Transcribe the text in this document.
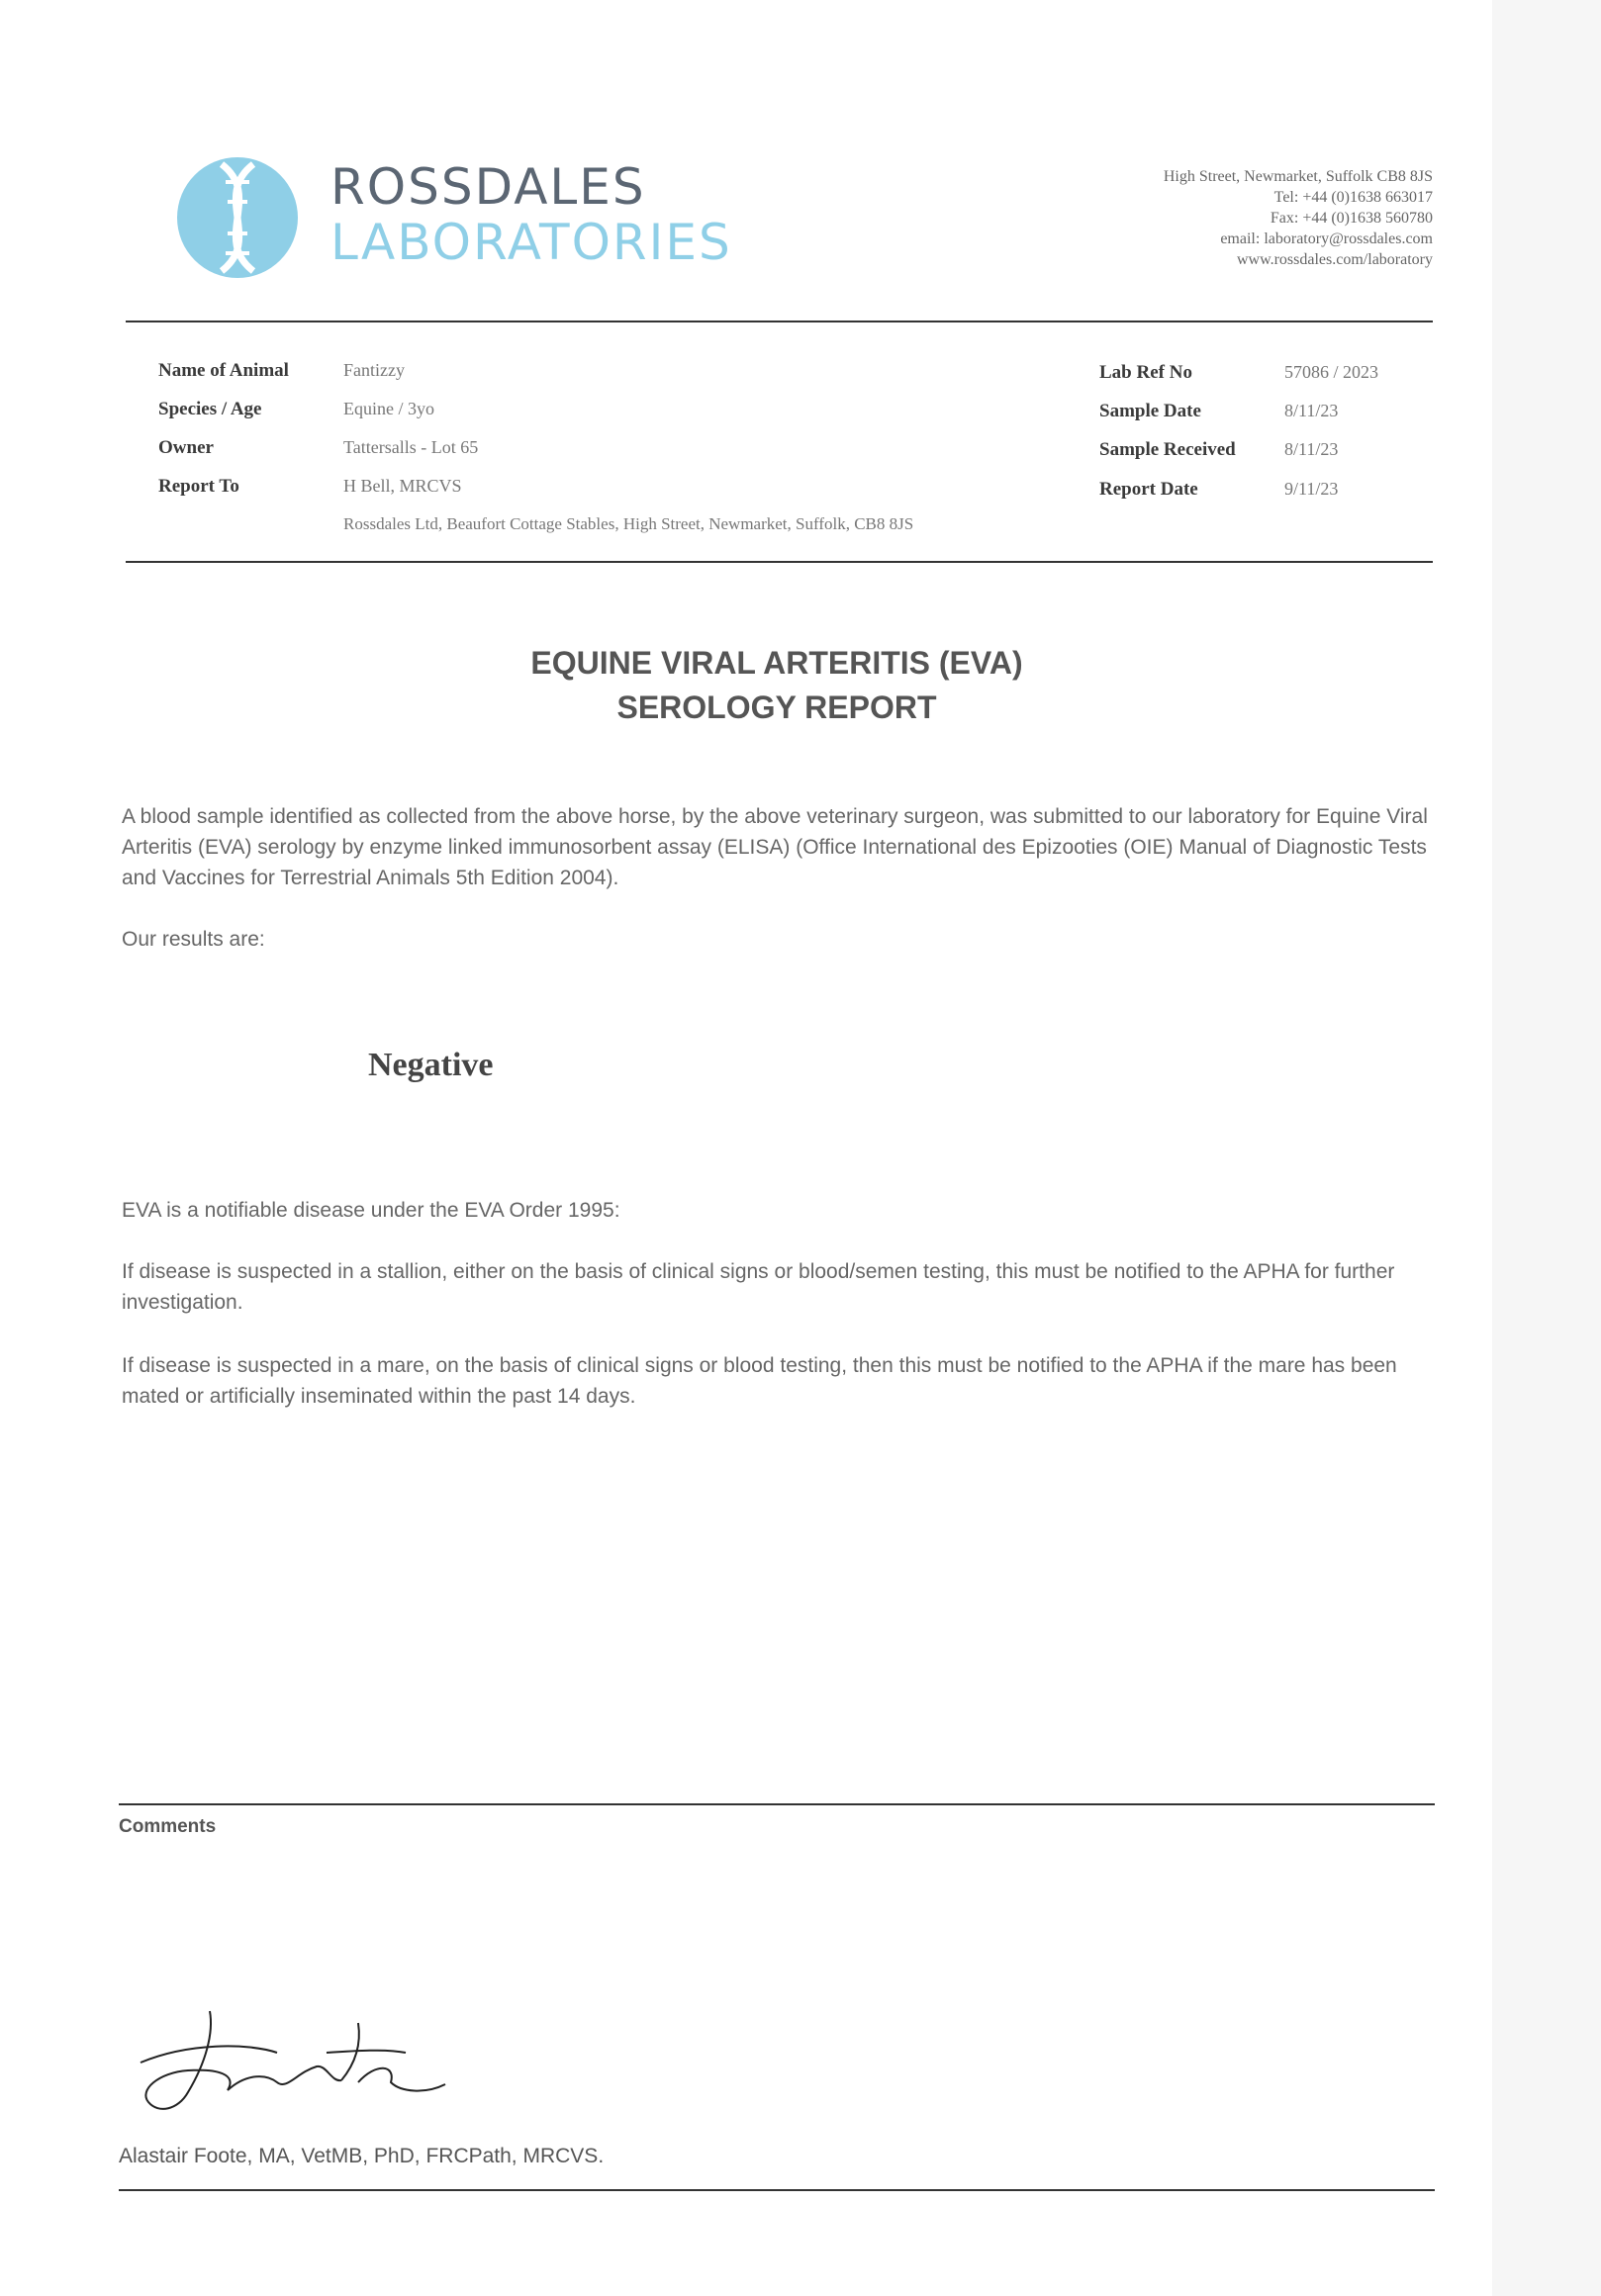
ROSSDALES
LABORATORIES
High Street, Newmarket, Suffolk CB8 8JS
Tel: +44 (0)1638 663017
Fax: +44 (0)1638 560780
email: laboratory@rossdales.com
www.rossdales.com/laboratory
Name of Animal	Fantizzy
Species / Age	Equine / 3yo
Owner	Tattersalls - Lot 65
Report To	H Bell, MRCVS
Rossdales Ltd, Beaufort Cottage Stables, High Street, Newmarket, Suffolk, CB8 8JS
Lab Ref No	57086 / 2023
Sample Date	8/11/23
Sample Received	8/11/23
Report Date	9/11/23
EQUINE VIRAL ARTERITIS (EVA)
SEROLOGY REPORT
A blood sample identified as collected from the above horse, by the above veterinary surgeon, was submitted to our laboratory for Equine Viral Arteritis (EVA) serology by enzyme linked immunosorbent assay (ELISA) (Office International des Epizooties (OIE) Manual of Diagnostic Tests and Vaccines for Terrestrial Animals 5th Edition 2004).
Our results are:
Negative
EVA is a notifiable disease under the EVA Order 1995:
If disease is suspected in a stallion, either on the basis of clinical signs or blood/semen testing, this must be notified to the APHA for further investigation.
If disease is suspected in a mare, on the basis of clinical signs or blood testing, then this must be notified to the APHA if the mare has been mated or artificially inseminated within the past 14 days.
Comments
Alastair Foote, MA, VetMB, PhD, FRCPath, MRCVS.
